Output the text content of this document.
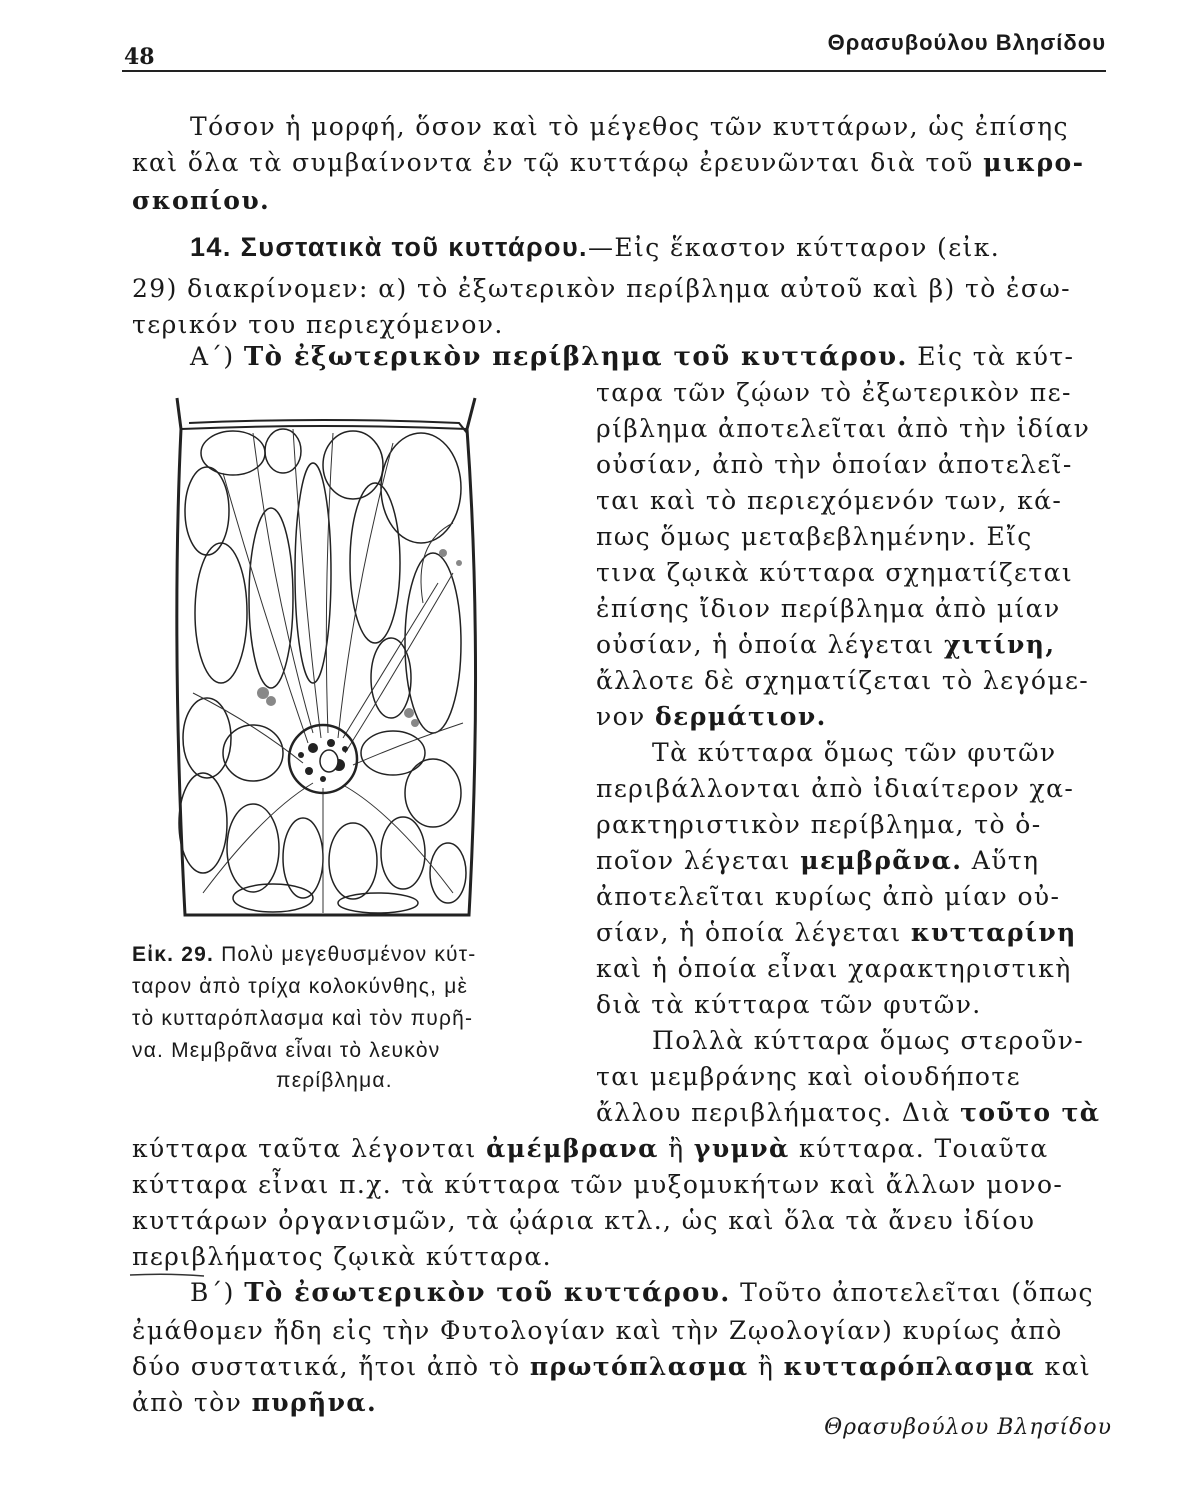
48
Θρασυβούλου Βλησίδου
Τόσον ἡ μορφή, ὅσον καὶ τὸ μέγεθος τῶν κυττάρων, ὡς ἐπίσης
καὶ ὅλα τὰ συμβαίνοντα ἐν τῷ κυττάρῳ ἐρευνῶνται διὰ τοῦ μικρο-
σκοπίου.
14. Συστατικὰ τοῦ κυττάρου.—Εἰς ἕκαστον κύτταρον (εἰκ.
29) διακρίνομεν: α) τὸ ἐξωτερικὸν περίβλημα αὐτοῦ καὶ β) τὸ ἐσω-
τερικόν του περιεχόμενον.
Α΄) Τὸ ἐξωτερικὸν περίβλημα τοῦ κυττάρου. Εἰς τὰ κύτ-
ταρα τῶν ζῴων τὸ ἐξωτερικὸν πε-
ρίβλημα ἀποτελεῖται ἀπὸ τὴν ἰδίαν
οὐσίαν, ἀπὸ τὴν ὁποίαν ἀποτελεῖ-
ται καὶ τὸ περιεχόμενόν των, κά-
πως ὅμως μεταβεβλημένην. Εἴς
τινα ζῳικὰ κύτταρα σχηματίζεται
ἐπίσης ἴδιον περίβλημα ἀπὸ μίαν
οὐσίαν, ἡ ὁποία λέγεται χιτίνη,
ἄλλοτε δὲ σχηματίζεται τὸ λεγόμε-
νον δερμάτιον.
Τὰ κύτταρα ὅμως τῶν φυτῶν
περιβάλλονται ἀπὸ ἰδιαίτερον χα-
ρακτηριστικὸν περίβλημα, τὸ ὁ-
ποῖον λέγεται μεμβρᾶνα. Αὕτη
ἀποτελεῖται κυρίως ἀπὸ μίαν οὐ-
σίαν, ἡ ὁποία λέγεται κυτταρίνη
καὶ ἡ ὁποία εἶναι χαρακτηριστικὴ
διὰ τὰ κύτταρα τῶν φυτῶν.
Πολλὰ κύτταρα ὅμως στεροῦν-
ται μεμβράνης καὶ οἱουδήποτε
ἄλλου περιβλήματος. Διὰ τοῦτο τὰ
κύτταρα ταῦτα λέγονται ἀμέμβρανα ἢ γυμνὰ κύτταρα. Τοιαῦτα
κύτταρα εἶναι π.χ. τὰ κύτταρα τῶν μυξομυκήτων καὶ ἄλλων μονο-
κυττάρων ὀργανισμῶν, τὰ ᾠάρια κτλ., ὡς καὶ ὅλα τὰ ἄνευ ἰδίου
περιβλήματος ζῳικὰ κύτταρα.
Β΄) Τὸ ἐσωτερικὸν τοῦ κυττάρου. Τοῦτο ἀποτελεῖται (ὅπως
ἐμάθομεν ἤδη εἰς τὴν Φυτολογίαν καὶ τὴν Ζῳολογίαν) κυρίως ἀπὸ
δύο συστατικά, ἤτοι ἀπὸ τὸ πρωτόπλασμα ἢ κυτταρόπλασμα καὶ
ἀπὸ τὸν πυρῆνα.
Εἰκ. 29. Πολὺ μεγεθυσμένον κύτ-
ταρον ἀπὸ τρίχα κολοκύνθης, μὲ
τὸ κυτταρόπλασμα καὶ τὸν πυρῆ-
να. Μεμβρᾶνα εἶναι τὸ λευκὸν
περίβλημα.
Θρασυβούλου Βλησίδου
